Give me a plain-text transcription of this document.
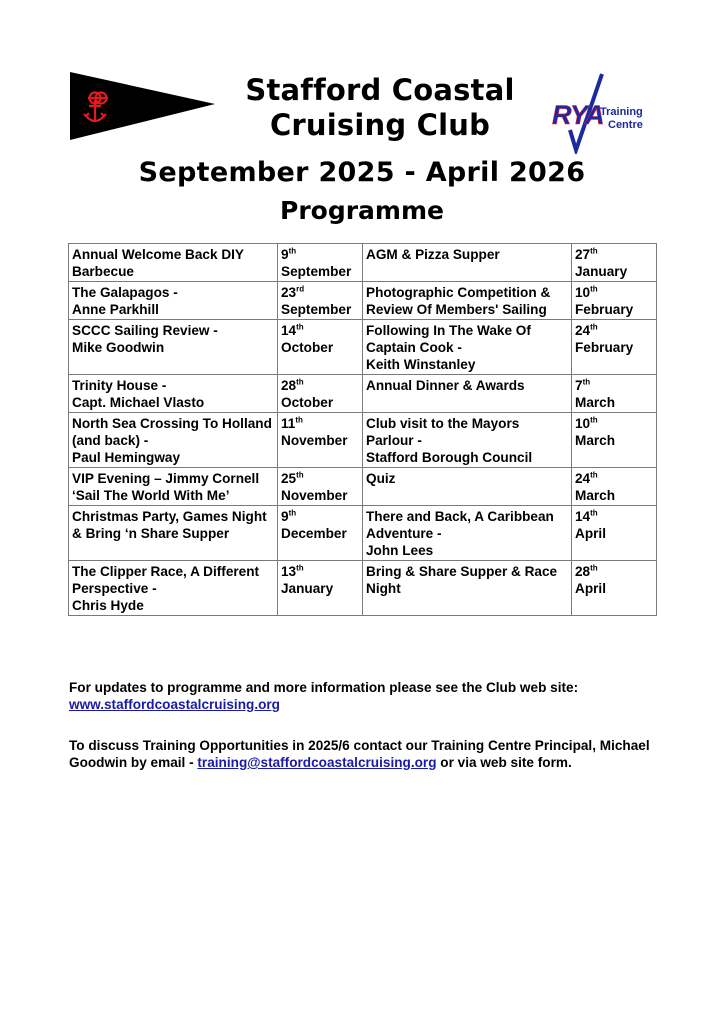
Stafford Coastal
Cruising Club	RYA
Training
Centre
September 2025 - April 2026
Programme
Annual Welcome Back DIY Barbecue	9th
September	AGM & Pizza Supper	27th
January

The Galapagos -
Anne Parkhill	23rd
September	Photographic Competition & Review Of Members' Sailing	10th
February

SCCC Sailing Review -
Mike Goodwin	14th
October	Following In The Wake Of Captain Cook -
Keith Winstanley	24th
February

Trinity House -
Capt. Michael Vlasto	28th
October	Annual Dinner & Awards	7th
March

North Sea Crossing To Holland (and back) -
Paul Hemingway	11th
November	Club visit to the Mayors Parlour -
Stafford Borough Council	10th
March

VIP Evening – Jimmy Cornell ‘Sail The World With Me’	25th
November	Quiz	24th
March

Christmas Party, Games Night & Bring ‘n Share Supper	9th
December	There and Back, A Caribbean Adventure -
John Lees	14th
April

The Clipper Race, A Different Perspective -
Chris Hyde	13th
January	Bring & Share Supper & Race Night	28th
April
For updates to programme and more information please see the Club web site:
www.staffordcoastalcruising.org
To discuss Training Opportunities in 2025/6 contact our Training Centre Principal, Michael Goodwin by email - training@staffordcoastalcruising.org or via web site form.
